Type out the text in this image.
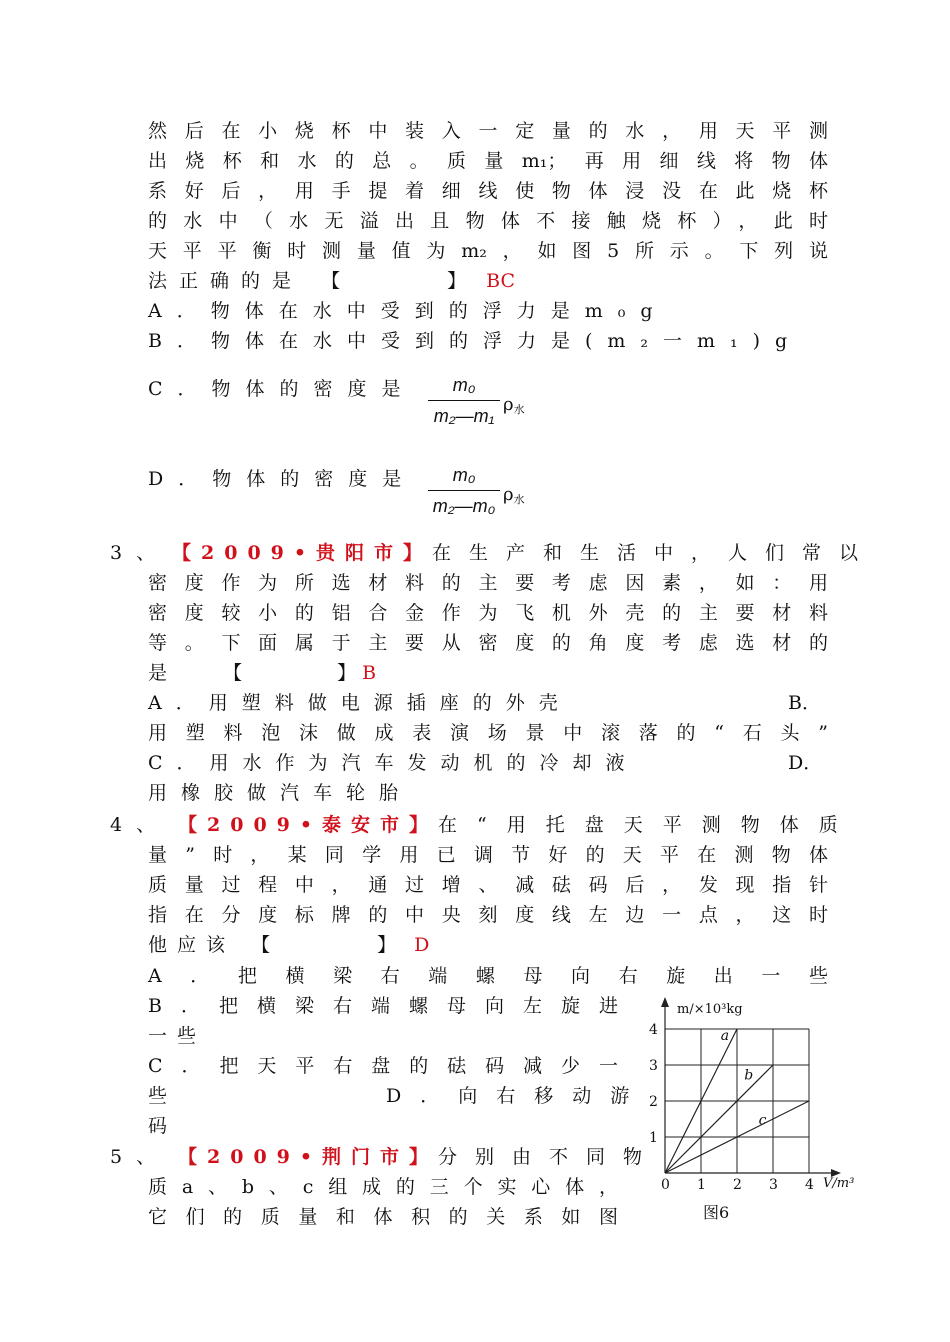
然后在小烧杯中装入一定量的水，用天平测
出烧杯和水的总。质量m₁；再用细线将物体
系好后，用手提着细线使物体浸没在此烧杯
的水中（水无溢出且物体不接触烧杯），此时
天平平衡时测量值为m₂，如图5所示。下列说
法正确的是 【　　　　　】 BC
A．物体在水中受到的浮力是m₀g
B．物体在水中受到的浮力是(m₂一m₁)g
C．物体的密度是	m₀
m₂—m₁
$\rho_水$
D．物体的密度是	m₀
m₂—m₀
$\rho_水$
3、 【2009•贵阳市】 在生产和生活中，人们常以
密度作为所选材料的主要考虑因素，如：用
密度较小的铝合金作为飞机外壳的主要材料
等。下面属于主要从密度的角度考虑选材的
是	【　　　　　】 B
A．用塑料做电源插座的外壳	B．
用塑料泡沫做成表演场景中滚落的“石头”
C．用水作为汽车发动机的冷却液	D．
用橡胶做汽车轮胎
4、 【2009•泰安市】 在“用托盘天平测物体质
量”时，某同学用已调节好的天平在测物体
质量过程中，通过增、减砝码后，发现指针
指在分度标牌的中央刻度线左边一点，这时
他应该 【　　　　　】 D
A．把横梁右端螺母向右旋出一些
B．把横梁右端螺母向左旋进
一些
C．把天平右盘的砝码减少一
些	D．向右移动游
码
5、 【2009•荆门市】 分别由不同物
质a、b、c组成的三个实心体，
它们的质量和体积的关系如图
a
b
c
1 2 3 4
1
2
3
4
0
m/×10³kg
V/m³
图6
